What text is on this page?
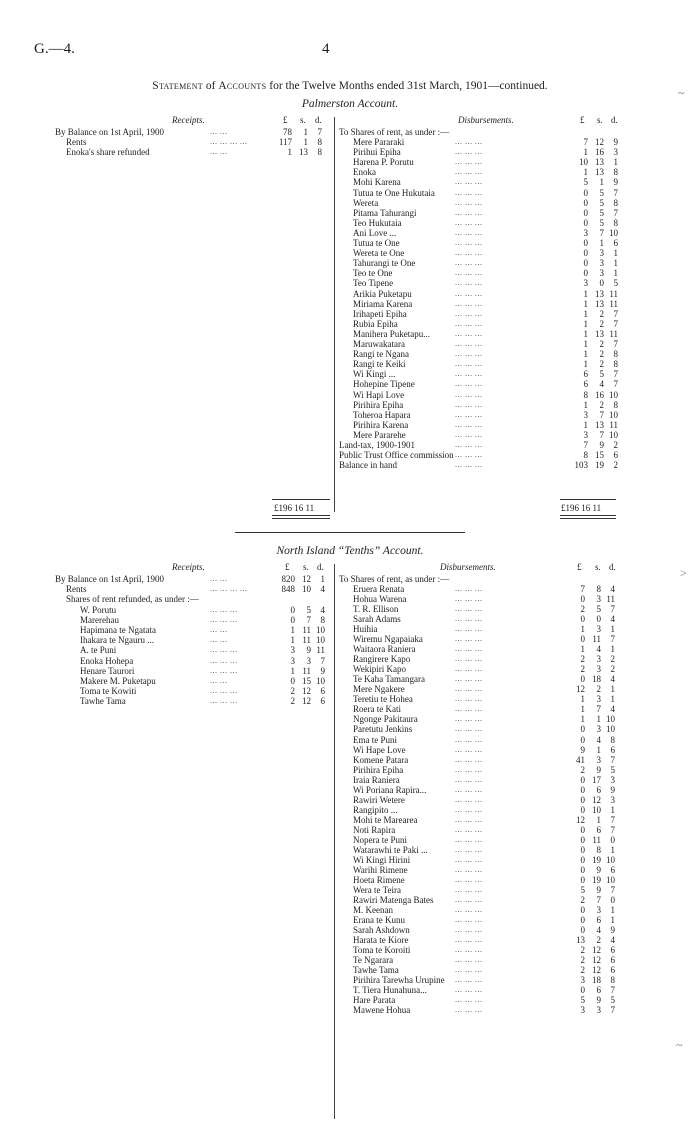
G.—4.	4
Statement of Accounts for the Twelve Months ended 31st March, 1901—continued.
Palmerston Account.
Receipts.	Disbursements.
£ s. d.	£ s. d.
By Balance on 1st April, 1900	... ...	78 1 7
Rents	... ... ... ...	117 1 8
Enoka's share refunded	... ...	1 13 8
To Shares of rent, as under :—
Mere Pararaki	... ... ...	7 12 9
Pirihui Epiha	... ... ...	1 16 3
Harena P. Porutu	... ... ...	10 13 1
Enoka	... ... ...	1 13 8
Mohi Karena	... ... ...	5 1 9
Tutua te One Hukutaia	... ... ...	0 5 7
Wereta	... ... ...	0 5 8
Pitama Tahurangi	... ... ...	0 5 7
Teo Hukutaia	... ... ...	0 5 8
Ani Love ...	... ... ...	3 7 10
Tutua te One	... ... ...	0 1 6
Wereta te One	... ... ...	0 3 1
Tahurangi te One	... ... ...	0 3 1
Teo te One	... ... ...	0 3 1
Teo Tipene	... ... ...	3 0 5
Arikia Puketapu	... ... ...	1 13 11
Miriama Karena	... ... ...	1 13 11
Irihapeti Epiha	... ... ...	1 2 7
Rubia Epiha	... ... ...	1 2 7
Manihera Puketapu...	... ... ...	1 13 11
Maruwakatara	... ... ...	1 2 7
Rangi te Ngana	... ... ...	1 2 8
Rangi te Keiki	... ... ...	1 2 8
Wi Kingi ...	... ... ...	6 5 7
Hohepine Tipene	... ... ...	6 4 7
Wi Hapi Love	... ... ...	8 16 10
Pirihira Epiha	... ... ...	1 2 8
Toheroa Hapara	... ... ...	3 7 10
Pirihira Karena	... ... ...	1 13 11
Mere Pararehe	... ... ...	3 7 10
Land-tax, 1900-1901	... ... ...	7 9 2
Public Trust Office commission ... ... ...	8 15 6
Balance in hand	... ... ...	103 19 2
£196 16 11	£196 16 11
North Island “Tenths” Account.
Receipts.	Disbursements.
£ s. d.	£ s. d.
By Balance on 1st April, 1900	... ...	820 12 1
Rents	... ... ... ...	848 10 4
Shares of rent refunded, as under :—
W. Porutu	... ... ...	0 5 4
Marerehau	... ... ...	0 7 8
Hapimana te Ngatata	... ...	1 11 10
Ihakara te Ngauru ...	... ...	1 11 10
A. te Puni	... ... ...	3 9 11
Enoka Hohepa	... ... ...	3 3 7
Henare Taurori	... ... ...	1 11 9
Makere M. Puketapu	... ...	0 15 10
Toma te Kowiti	... ... ...	2 12 6
Tawhe Tama	... ... ...	2 12 6
To Shares of rent, as under :—
Eruera Renata	... ... ...	7 8 4
Hohua Warena	... ... ...	0 3 11
T. R. Ellison	... ... ...	2 5 7
Sarah Adams	... ... ...	0 0 4
Huihia	... ... ...	1 3 1
Wiremu Ngapaiaka	... ... ...	0 11 7
Waitaora Raniera	... ... ...	1 4 1
Rangirere Kapo	... ... ...	2 3 2
Wekipiri Kapo	... ... ...	2 3 2
Te Kaha Tamangara	... ... ...	0 18 4
Mere Ngakere	... ... ...	12 2 1
Teretiu te Hohea	... ... ...	1 3 1
Roera te Kati	... ... ...	1 7 4
Ngonge Pakitaura	... ... ...	1 1 10
Paretutu Jenkins	... ... ...	0 3 10
Ema te Puni	... ... ...	0 4 8
Wi Hape Love	... ... ...	9 1 6
Komene Patara	... ... ...	41 3 7
Pirihira Epiha	... ... ...	2 9 5
Iraia Raniera	... ... ...	0 17 3
Wi Poriana Rapira...	... ... ...	0 6 9
Rawiri Wetere	... ... ...	0 12 3
Rangipito ...	... ... ...	0 10 1
Mohi te Marearea	... ... ...	12 1 7
Noti Rapira	... ... ...	0 6 7
Nopera te Puni	... ... ...	0 11 0
Watarawhi te Paki ...	... ... ...	0 8 1
Wi Kingi Hirini	... ... ...	0 19 10
Warihi Rimene	... ... ...	0 9 6
Hoeta Rimene	... ... ...	0 19 10
Wera te Teira	... ... ...	5 9 7
Rawiri Matenga Bates	... ... ...	2 7 0
M. Keenan	... ... ...	0 3 1
Erana te Kunu	... ... ...	0 6 1
Sarah Ashdown	... ... ...	0 4 9
Harata te Kiore	... ... ...	13 2 4
Toma te Koroiti	... ... ...	2 12 6
Te Ngarara	... ... ...	2 12 6
Tawhe Tama	... ... ...	2 12 6
Pirihira Tarewha Urupine ... ... ...	3 18 8
T. Tiera Hunahuna...	... ... ...	0 6 7
Hare Parata	... ... ...	5 9 5
Mawene Hohua	... ... ...	3 3 7
~
>
~
